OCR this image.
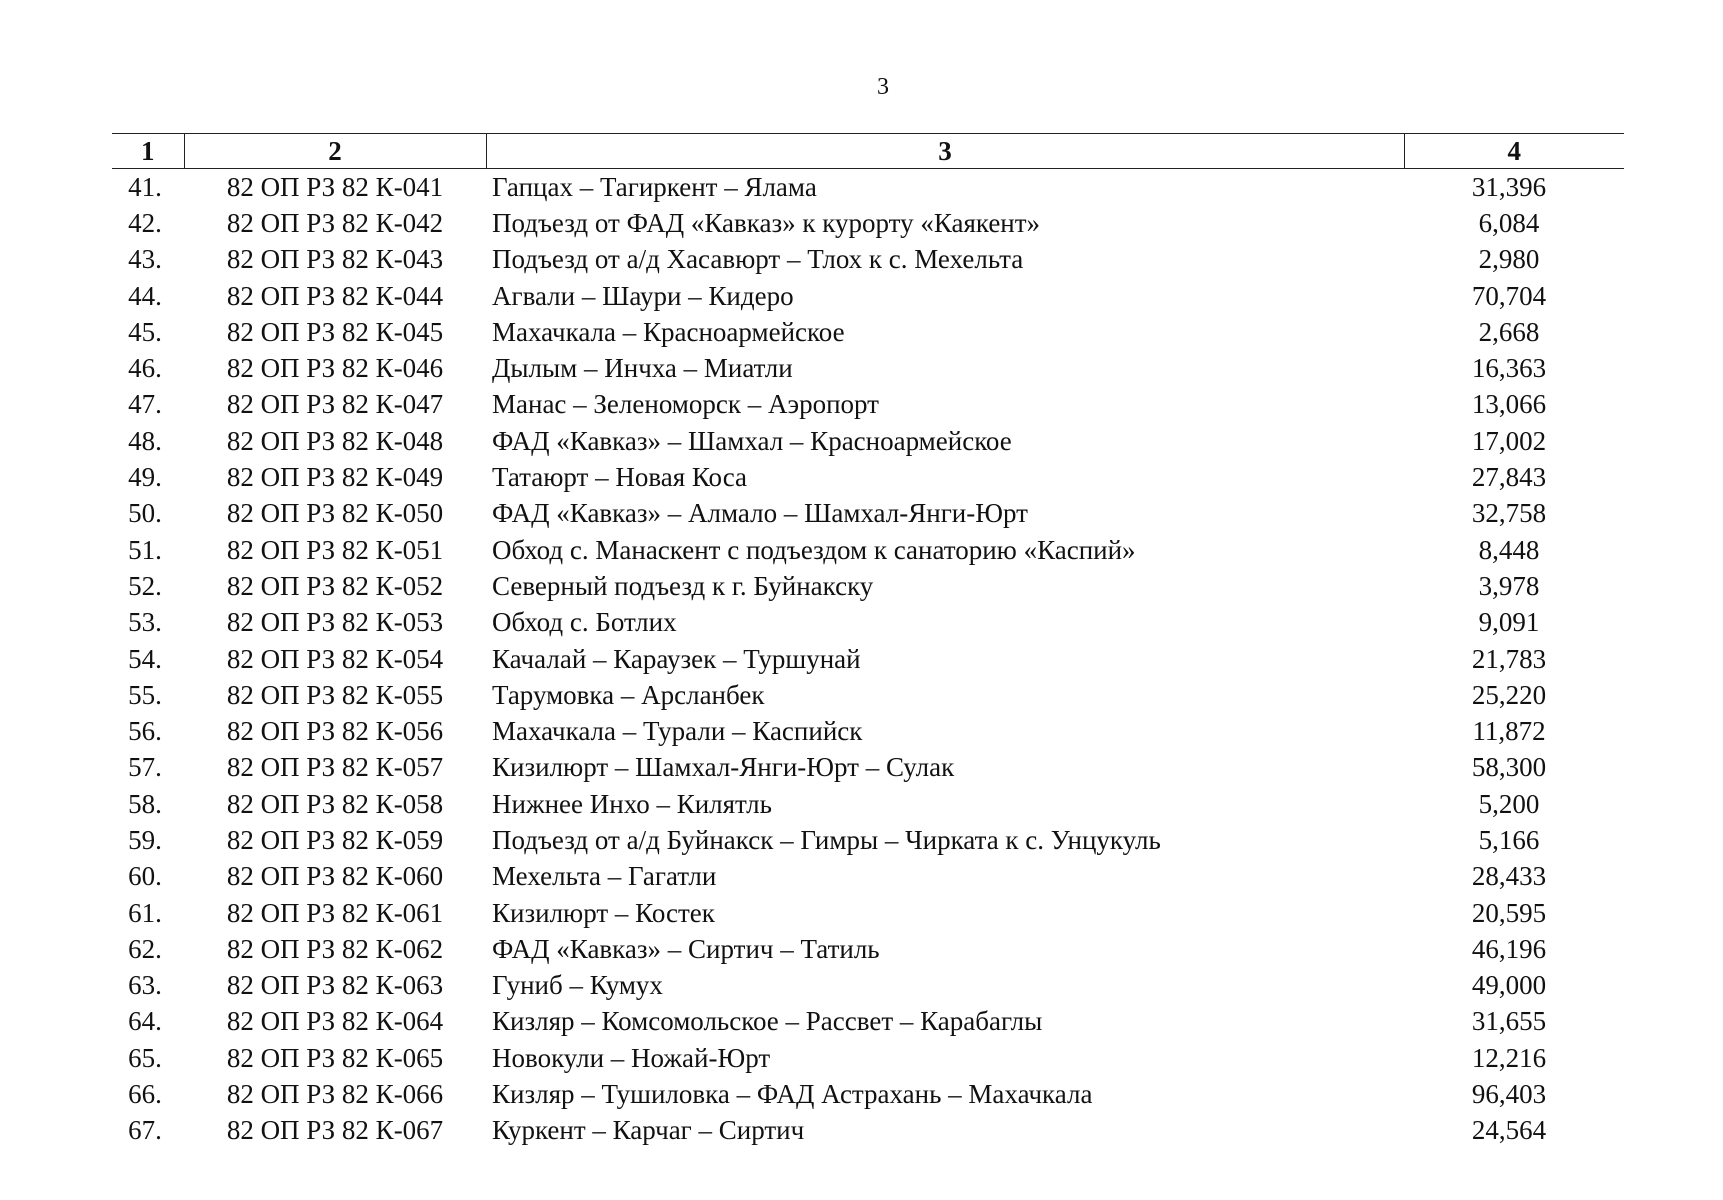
3
1	2	3	4
41.	82 ОП РЗ 82 К-041	Гапцах – Тагиркент – Ялама	31,396
42.	82 ОП РЗ 82 К-042	Подъезд от ФАД «Кавказ» к курорту «Каякент»	6,084
43.	82 ОП РЗ 82 К-043	Подъезд от а/д Хасавюрт – Тлох к с. Мехельта	2,980
44.	82 ОП РЗ 82 К-044	Агвали – Шаури – Кидеро	70,704
45.	82 ОП РЗ 82 К-045	Махачкала – Красноармейское	2,668
46.	82 ОП РЗ 82 К-046	Дылым – Инчха – Миатли	16,363
47.	82 ОП РЗ 82 К-047	Манас – Зеленоморск – Аэропорт	13,066
48.	82 ОП РЗ 82 К-048	ФАД «Кавказ» – Шамхал – Красноармейское	17,002
49.	82 ОП РЗ 82 К-049	Татаюрт – Новая Коса	27,843
50.	82 ОП РЗ 82 К-050	ФАД «Кавказ» – Алмало – Шамхал-Янги-Юрт	32,758
51.	82 ОП РЗ 82 К-051	Обход с. Манаскент с подъездом к санаторию «Каспий»	8,448
52.	82 ОП РЗ 82 К-052	Северный подъезд к г. Буйнакску	3,978
53.	82 ОП РЗ 82 К-053	Обход с. Ботлих	9,091
54.	82 ОП РЗ 82 К-054	Качалай – Караузек – Туршунай	21,783
55.	82 ОП РЗ 82 К-055	Тарумовка – Арсланбек	25,220
56.	82 ОП РЗ 82 К-056	Махачкала – Турали – Каспийск	11,872
57.	82 ОП РЗ 82 К-057	Кизилюрт – Шамхал-Янги-Юрт – Сулак	58,300
58.	82 ОП РЗ 82 К-058	Нижнее Инхо – Килятль	5,200
59.	82 ОП РЗ 82 К-059	Подъезд от а/д Буйнакск – Гимры – Чирката к с. Унцукуль	5,166
60.	82 ОП РЗ 82 К-060	Мехельта – Гагатли	28,433
61.	82 ОП РЗ 82 К-061	Кизилюрт – Костек	20,595
62.	82 ОП РЗ 82 К-062	ФАД «Кавказ» – Сиртич – Татиль	46,196
63.	82 ОП РЗ 82 К-063	Гуниб – Кумух	49,000
64.	82 ОП РЗ 82 К-064	Кизляр – Комсомольское – Рассвет – Карабаглы	31,655
65.	82 ОП РЗ 82 К-065	Новокули – Ножай-Юрт	12,216
66.	82 ОП РЗ 82 К-066	Кизляр – Тушиловка – ФАД Астрахань – Махачкала	96,403
67.	82 ОП РЗ 82 К-067	Куркент – Карчаг – Сиртич	24,564
